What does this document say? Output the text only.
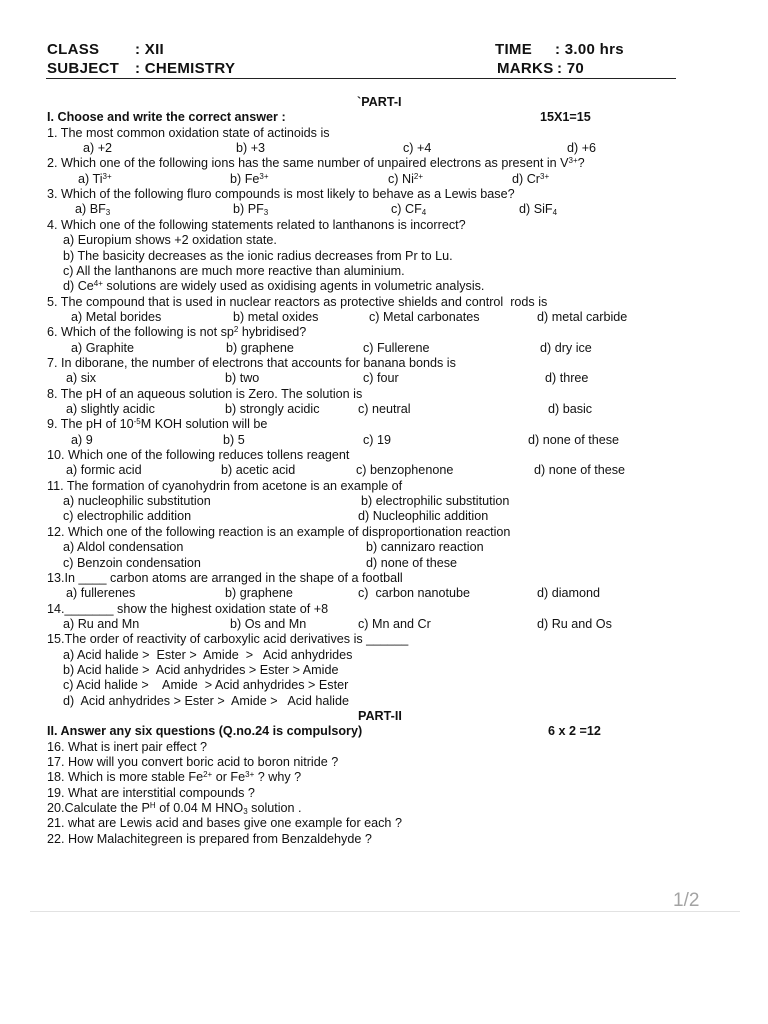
CLASS : XII
SUBJECT : CHEMISTRY
TIME : 3.00 hrs
MARKS : 70
`PART-I
I. Choose and write the correct answer :	15X1=15
1. The most common oxidation state of actinoids is
a) +2	b) +3	c) +4	d) +6
2. Which one of the following ions has the same number of unpaired electrons as present in $V^{3+}$?
a) $Ti^{3+}$	b) $Fe^{3+}$	c) $Ni^{2+}$	d) $Cr^{3+}$
3. Which of the following fluro compounds is most likely to behave as a Lewis base?
a) $BF_3$	b) $PF_3$	c) $CF_4$	d) SiF$_4$
4. Which one of the following statements related to lanthanons is incorrect?
a) Europium shows +2 oxidation state.
b) The basicity decreases as the ionic radius decreases from Pr to Lu.
c) All the lanthanons are much more reactive than aluminium.
d) $Ce^{4+}$ solutions are widely used as oxidising agents in volumetric analysis.
5. The compound that is used in nuclear reactors as protective shields and control  rods is
a) Metal borides	b) metal oxides	c) Metal carbonates	d) metal carbide
6. Which of the following is not $sp^2$ hybridised?
a) Graphite	b) graphene	c) Fullerene	d) dry ice
7. In diborane, the number of electrons that accounts for banana bonds is
a) six	b) two	c) four	d) three
8. The pH of an aqueous solution is Zero. The solution is
a) slightly acidic	b) strongly acidic	c) neutral	d) basic
9. The pH of $10^{-5}M$ KOH solution will be
a) 9	b) 5	c) 19	d) none of these
10. Which one of the following reduces tollens reagent
a) formic acid	b) acetic acid	c) benzophenone	d) none of these
11. The formation of cyanohydrin from acetone is an example of
a) nucleophilic substitution	b) electrophilic substitution
c) electrophilic addition	d) Nucleophilic addition
12. Which one of the following reaction is an example of disproportionation reaction
a) Aldol condensation	b) cannizaro reaction
c) Benzoin condensation	d) none of these
13.In ____ carbon atoms are arranged in the shape of a football
a) fullerenes	b) graphene	c)  carbon nanotube	d) diamond
14._______ show the highest oxidation state of +8
a) Ru and Mn	b) Os and Mn	c) Mn and Cr	d) Ru and Os
15.The order of reactivity of carboxylic acid derivatives is ______
a) Acid halide >  Ester >  Amide  >   Acid anhydrides
b) Acid halide >  Acid anhydrides > Ester > Amide
c) Acid halide >    Amide  > Acid anhydrides > Ester
d)  Acid anhydrides > Ester >  Amide >   Acid halide
PART-II
II. Answer any six questions (Q.no.24 is compulsory)	6 x 2 =12
16. What is inert pair effect ?
17. How will you convert boric acid to boron nitride ?
18. Which is more stable $Fe^{2+}$ or $Fe^{3+}$ ? why ?
19. What are interstitial compounds ?
20.Calculate the $P^H$ of 0.04 M $HNO_3$ solution .
21. what are Lewis acid and bases give one example for each ?
22. How Malachitegreen is prepared from Benzaldehyde ?
1/2
